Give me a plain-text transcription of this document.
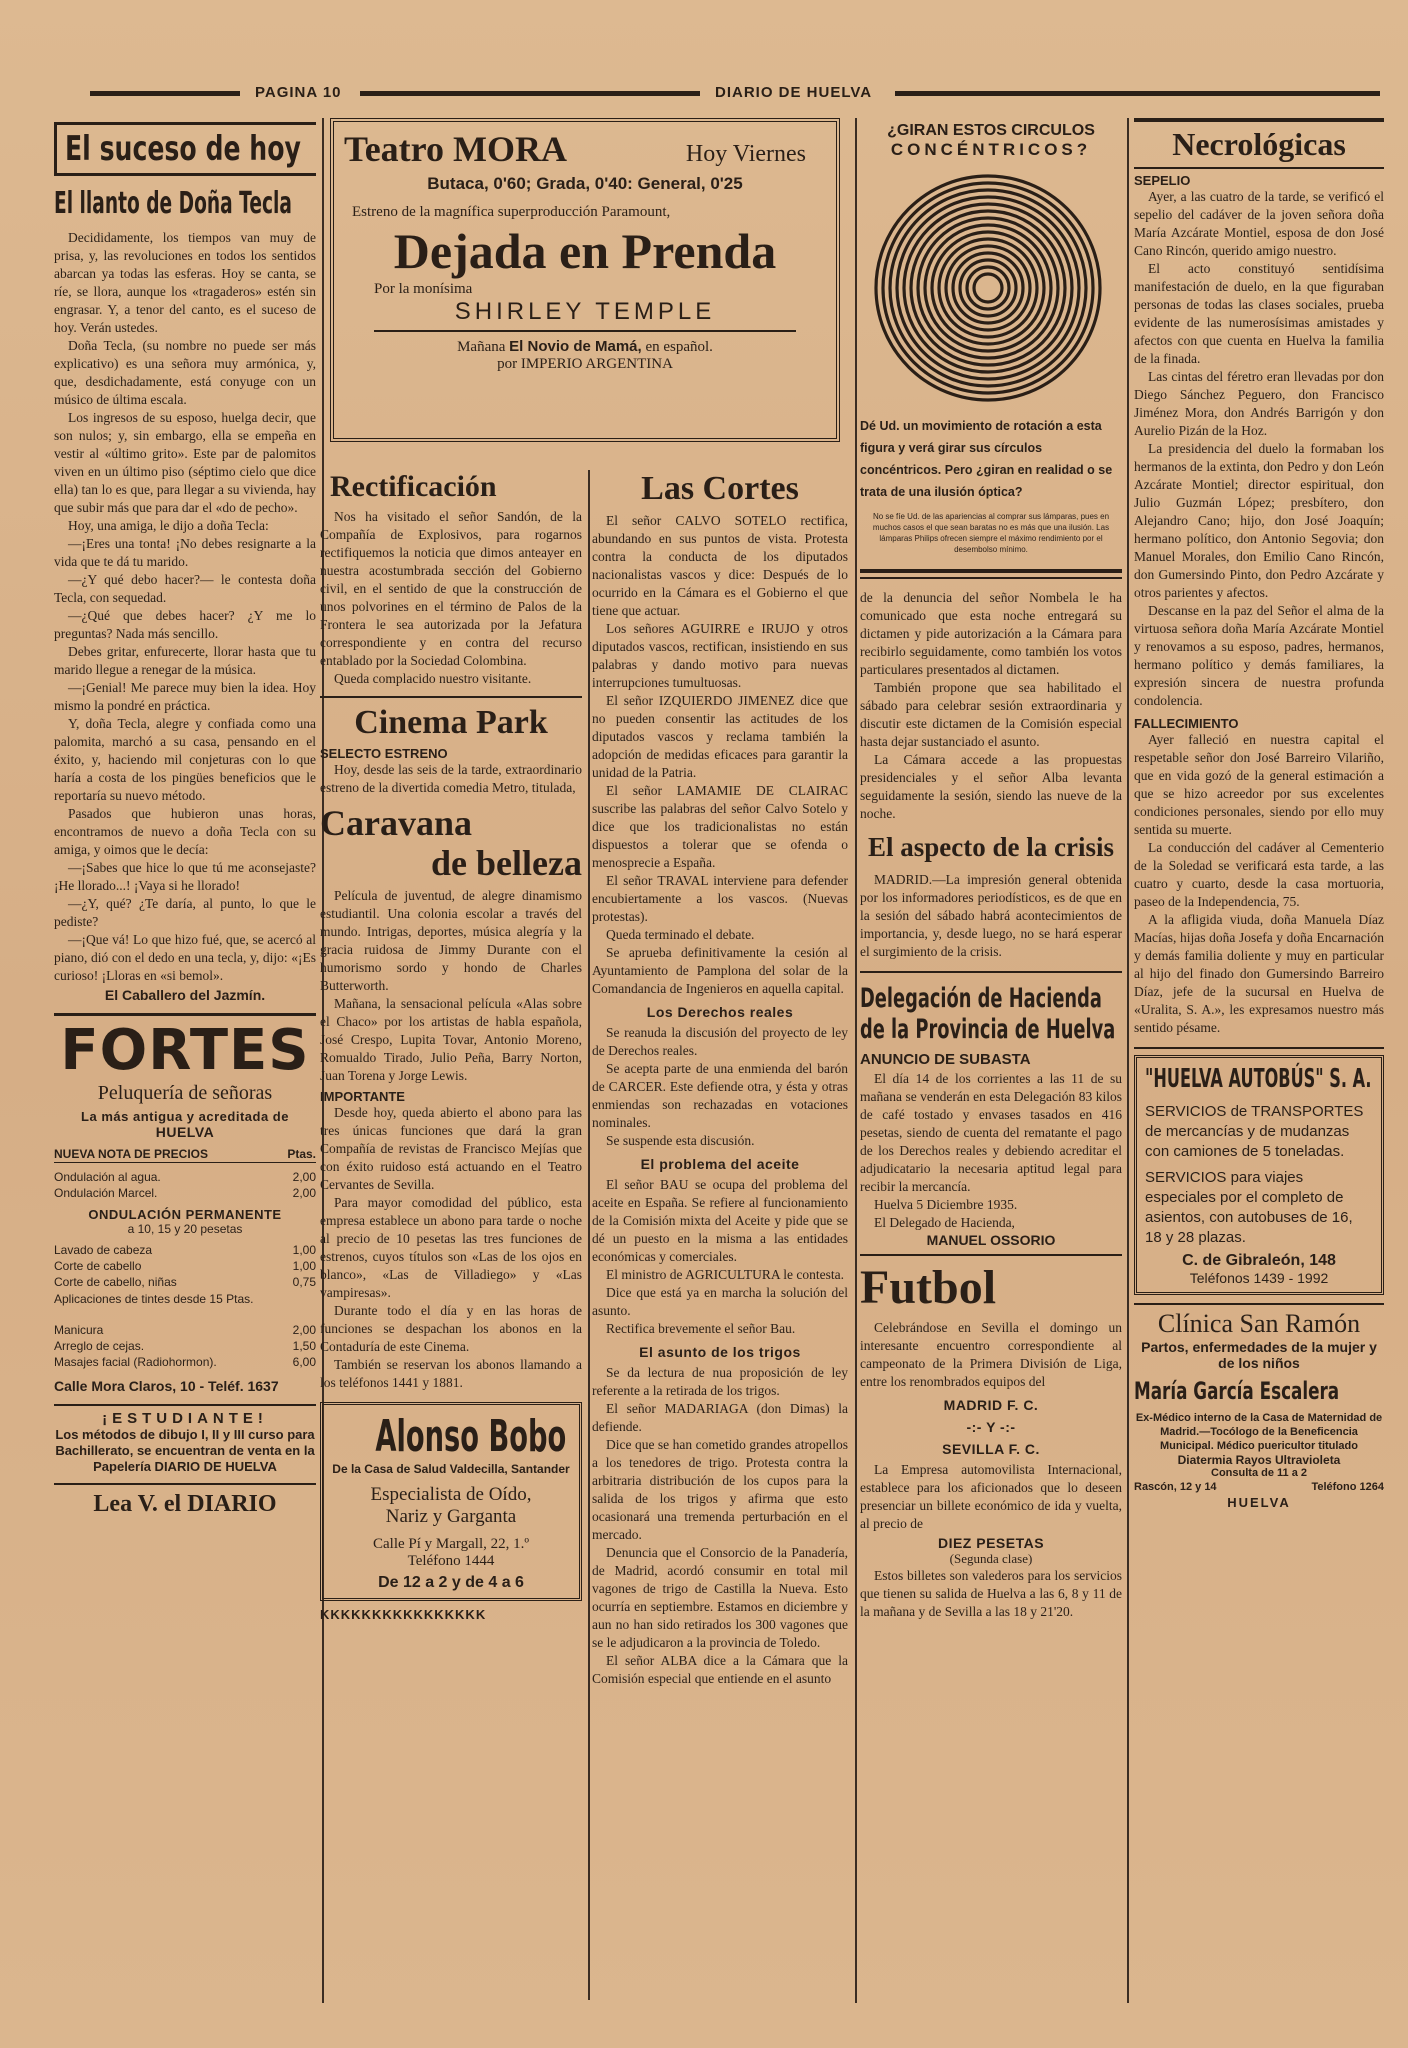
PAGINA 10	DIARIO DE HUELVA
El suceso de hoy
El llanto de Doña Tecla

Decididamente, los tiempos van muy de prisa, y, las revoluciones en todos los sentidos abarcan ya todas las esferas. Hoy se canta, se ríe, se llora, aunque los «tragaderos» estén sin engrasar. Y, a tenor del canto, es el suceso de hoy. Verán ustedes.

Doña Tecla, (su nombre no puede ser más explicativo) es una señora muy armónica, y, que, desdichadamente, está conyuge con un músico de última escala.

Los ingresos de su esposo, huelga decir, que son nulos; y, sin embargo, ella se empeña en vestir al «último grito». Este par de palomitos viven en un último piso (séptimo cielo que dice ella) tan lo es que, para llegar a su vivienda, hay que subir más que para dar el «do de pecho».

Hoy, una amiga, le dijo a doña Tecla:

—¡Eres una tonta! ¡No debes resignarte a la vida que te dá tu marido.

—¿Y qué debo hacer?— le contesta doña Tecla, con sequedad.

—¿Qué que debes hacer? ¿Y me lo preguntas? Nada más sencillo.

Debes gritar, enfurecerte, llorar hasta que tu marido llegue a renegar de la música.

—¡Genial! Me parece muy bien la idea. Hoy mismo la pondré en práctica.

Y, doña Tecla, alegre y confiada como una palomita, marchó a su casa, pensando en el éxito, y, haciendo mil conjeturas con lo que haría a costa de los pingües beneficios que le reportaría su nuevo método.

Pasados que hubieron unas horas, encontramos de nuevo a doña Tecla con su amiga, y oimos que le decía:

—¡Sabes que hice lo que tú me aconsejaste? ¡He llorado...! ¡Vaya si he llorado!

—¿Y, qué? ¿Te daría, al punto, lo que le pediste?

—¡Que vá! Lo que hizo fué, que, se acercó al piano, dió con el dedo en una tecla, y, dijo: «¡Es curioso! ¡Lloras en «si bemol».

El Caballero del Jazmín.
FORTES
Peluquería de señoras
La más antigua y acreditada de
HUELVA
NUEVA NOTA DE PRECIOS	Ptas.
Ondulación al agua.	2,00
Ondulación Marcel.	2,00
ONDULACIÓN PERMANENTE
a 10, 15 y 20 pesetas
Lavado de cabeza	1,00
Corte de cabello	1,00
Corte de cabello, niñas	0,75
Aplicaciones de tintes desde 15 Ptas.
Manicura	2,00
Arreglo de cejas.	1,50
Masajes facial (Radiohormon).	6,00
Calle Mora Claros, 10 - Teléf. 1637
¡ESTUDIANTE!
Los métodos de dibujo I, II y III curso para Bachillerato, se encuentran de venta en la Papelería DIARIO DE HUELVA
Lea V. el DIARIO
Teatro MORA	Hoy Viernes
Butaca, 0'60; Grada, 0'40: General, 0'25
Estreno de la magnífica superproducción Paramount,
Dejada en Prenda
Por la monísima
SHIRLEY TEMPLE
Mañana El Novio de Mamá, en español.
por IMPERIO ARGENTINA
Rectificación

Nos ha visitado el señor Sandón, de la Compañía de Explosivos, para rogarnos rectifiquemos la noticia que dimos anteayer en nuestra acostumbrada sección del Gobierno civil, en el sentido de que la construcción de unos polvorines en el término de Palos de la Frontera le sea autorizada por la Jefatura correspondiente y en contra del recurso entablado por la Sociedad Colombina.

Queda complacido nuestro visitante.

Cinema Park
SELECTO ESTRENO

Hoy, desde las seis de la tarde, extraordinario estreno de la divertida comedia Metro, titulada,

Caravana
de belleza

Película de juventud, de alegre dinamismo estudiantil. Una colonia escolar a través del mundo. Intrigas, deportes, música alegría y la gracia ruidosa de Jimmy Durante con el humorismo sordo y hondo de Charles Butterworth.

Mañana, la sensacional película «Alas sobre el Chaco» por los artistas de habla española, José Crespo, Lupita Tovar, Antonio Moreno, Romualdo Tirado, Julio Peña, Barry Norton, Juan Torena y Jorge Lewis.

IMPORTANTE

Desde hoy, queda abierto el abono para las tres únicas funciones que dará la gran Compañía de revistas de Francisco Mejías que con éxito ruidoso está actuando en el Teatro Cervantes de Sevilla.

Para mayor comodidad del público, esta empresa establece un abono para tarde o noche al precio de 10 pesetas las tres funciones de estrenos, cuyos títulos son «Las de los ojos en blanco», «Las de Villadiego» y «Las vampiresas».

Durante todo el día y en las horas de funciones se despachan los abonos en la Contaduría de este Cinema.

También se reservan los abonos llamando a los teléfonos 1441 y 1881.

Alonso Bobo
De la Casa de Salud Valdecilla, Santander
Especialista de Oído, Nariz y Garganta
Calle Pí y Margall, 22, 1.º
Teléfono 1444
De 12 a 2 y de 4 a 6
KKKKKKKKKKKKKKKK
Las Cortes

El señor CALVO SOTELO rectifica, abundando en sus puntos de vista. Protesta contra la conducta de los diputados nacionalistas vascos y dice: Después de lo ocurrido en la Cámara es el Gobierno el que tiene que actuar.

Los señores AGUIRRE e IRUJO y otros diputados vascos, rectifican, insistiendo en sus palabras y dando motivo para nuevas interrupciones tumultuosas.

El señor IZQUIERDO JIMENEZ dice que no pueden consentir las actitudes de los diputados vascos y reclama también la adopción de medidas eficaces para garantir la unidad de la Patria.

El señor LAMAMIE DE CLAIRAC suscribe las palabras del señor Calvo Sotelo y dice que los tradicionalistas no están dispuestos a tolerar que se ofenda o menosprecie a España.

El señor TRAVAL interviene para defender encubiertamente a los vascos. (Nuevas protestas).

Queda terminado el debate.

Se aprueba definitivamente la cesión al Ayuntamiento de Pamplona del solar de la Comandancia de Ingenieros en aquella capital.

Los Derechos reales

Se reanuda la discusión del proyecto de ley de Derechos reales.

Se acepta parte de una enmienda del barón de CARCER. Este defiende otra, y ésta y otras enmiendas son rechazadas en votaciones nominales.

Se suspende esta discusión.

El problema del aceite

El señor BAU se ocupa del problema del aceite en España. Se refiere al funcionamiento de la Comisión mixta del Aceite y pide que se dé un puesto en la misma a las entidades económicas y comerciales.

El ministro de AGRICULTURA le contesta.

Dice que está ya en marcha la solución del asunto.

Rectifica brevemente el señor Bau.

El asunto de los trigos

Se da lectura de nua proposición de ley referente a la retirada de los trigos.

El señor MADARIAGA (don Dimas) la defiende.

Dice que se han cometido grandes atropellos a los tenedores de trigo. Protesta contra la arbitraria distribución de los cupos para la salida de los trigos y afirma que esto ocasionará una tremenda perturbación en el mercado.

Denuncia que el Consorcio de la Panadería, de Madrid, acordó consumir en total mil vagones de trigo de Castilla la Nueva. Esto ocurría en septiembre. Estamos en diciembre y aun no han sido retirados los 300 vagones que se le adjudicaron a la provincia de Toledo.

El señor ALBA dice a la Cámara que la Comisión especial que entiende en el asunto

¿GIRAN ESTOS CIRCULOS
CONCÉNTRICOS?
Dé Ud. un movimiento de rotación a esta figura y verá girar sus círculos concéntricos. Pero ¿giran en realidad o se trata de una ilusión óptica?
No se fíe Ud. de las apariencias al comprar sus lámparas, pues en muchos casos el que sean baratas no es más que una ilusión. Las lámparas Philips ofrecen siempre el máximo rendimiento por el desembolso mínimo.

de la denuncia del señor Nombela le ha comunicado que esta noche entregará su dictamen y pide autorización a la Cámara para recibirlo seguidamente, como también los votos particulares presentados al dictamen.

También propone que sea habilitado el sábado para celebrar sesión extraordinaria y discutir este dictamen de la Comisión especial hasta dejar sustanciado el asunto.

La Cámara accede a las propuestas presidenciales y el señor Alba levanta seguidamente la sesión, siendo las nueve de la noche.

El aspecto de la crisis

MADRID.—La impresión general obtenida por los informadores periodísticos, es de que en la sesión del sábado habrá acontecimientos de importancia, y, desde luego, no se hará esperar el surgimiento de la crisis.

Delegación de Hacienda de la Provincia de Huelva
ANUNCIO DE SUBASTA

El día 14 de los corrientes a las 11 de su mañana se venderán en esta Delegación 83 kilos de café tostado y envases tasados en 416 pesetas, siendo de cuenta del rematante el pago de los Derechos reales y debiendo acreditar el adjudicatario la necesaria aptitud legal para recibir la mercancía.

Huelva 5 Diciembre 1935.

El Delegado de Hacienda,

MANUEL OSSORIO
Futbol

Celebrándose en Sevilla el domingo un interesante encuentro correspondiente al campeonato de la Primera División de Liga, entre los renombrados equipos del

MADRID F. C.
-:- Y -:-
SEVILLA F. C.

La Empresa automovilista Internacional, establece para los aficionados que lo deseen presenciar un billete económico de ida y vuelta, al precio de

DIEZ PESETAS
(Segunda clase)

Estos billetes son valederos para los servicios que tienen su salida de Huelva a las 6, 8 y 11 de la mañana y de Sevilla a las 18 y 21'20.

Necrológicas
SEPELIO

Ayer, a las cuatro de la tarde, se verificó el sepelio del cadáver de la joven señora doña María Azcárate Montiel, esposa de don José Cano Rincón, querido amigo nuestro.

El acto constituyó sentidísima manifestación de duelo, en la que figuraban personas de todas las clases sociales, prueba evidente de las numerosísimas amistades y afectos con que cuenta en Huelva la familia de la finada.

Las cintas del féretro eran llevadas por don Diego Sánchez Peguero, don Francisco Jiménez Mora, don Andrés Barrigón y don Aurelio Pizán de la Hoz.

La presidencia del duelo la formaban los hermanos de la extinta, don Pedro y don León Azcárate Montiel; director espiritual, don Julio Guzmán López; presbítero, don Alejandro Cano; hijo, don José Joaquín; hermano político, don Antonio Segovia; don Manuel Morales, don Emilio Cano Rincón, don Gumersindo Pinto, don Pedro Azcárate y otros parientes y afectos.

Descanse en la paz del Señor el alma de la virtuosa señora doña María Azcárate Montiel y renovamos a su esposo, padres, hermanos, hermano político y demás familiares, la expresión sincera de nuestra profunda condolencia.

FALLECIMIENTO

Ayer falleció en nuestra capital el respetable señor don José Barreiro Vilariño, que en vida gozó de la general estimación a que se hizo acreedor por sus excelentes condiciones personales, siendo por ello muy sentida su muerte.

La conducción del cadáver al Cementerio de la Soledad se verificará esta tarde, a las cuatro y cuarto, desde la casa mortuoria, paseo de la Independencia, 75.

A la afligida viuda, doña Manuela Díaz Macías, hijas doña Josefa y doña Encarnación y demás familia doliente y muy en particular al hijo del finado don Gumersindo Barreiro Díaz, jefe de la sucursal en Huelva de «Uralita, S. A.», les expresamos nuestro más sentido pésame.

"HUELVA AUTOBÚS" S. A.
SERVICIOS de TRANSPORTES de mercancías y de mudanzas con camiones de 5 toneladas.
SERVICIOS para viajes especiales por el completo de asientos, con autobuses de 16, 18 y 28 plazas.
C. de Gibraleón, 148
Teléfonos 1439 - 1992
Clínica San Ramón
Partos, enfermedades de la mujer y de los niños
María García Escalera
Ex-Médico interno de la Casa de Maternidad de Madrid.—Tocólogo de la Beneficencia Municipal. Médico puericultor titulado
Diatermia Rayos Ultravioleta
Consulta de 11 a 2
Rascón, 12 y 14	Teléfono 1264
HUELVA
